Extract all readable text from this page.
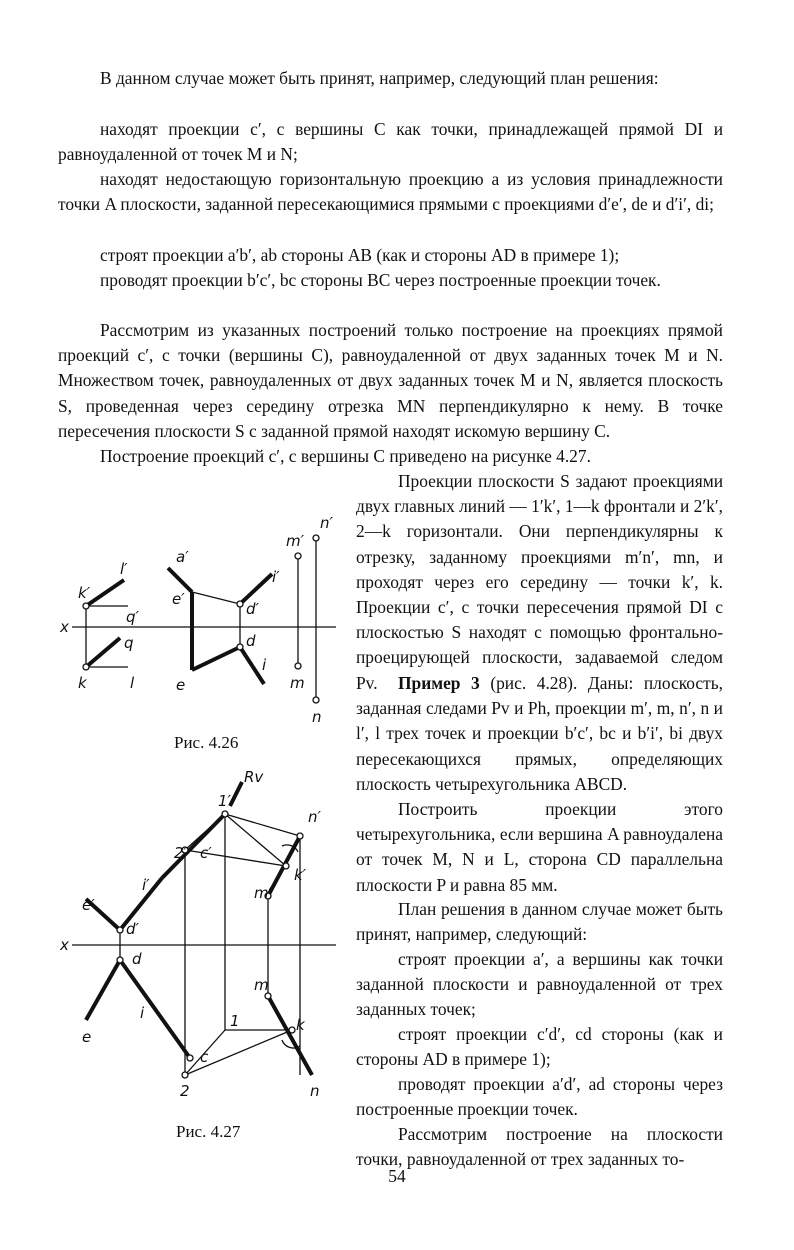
В данном случае может быть принят, например, следующий план решения:

находят проекции c′, c вершины C как точки, принадлежащей прямой DI и равноудаленной от точек M и N;

находят недостающую горизонтальную проекцию a из условия принадлежности точки A плоскости, заданной пересекающимися прямыми с проекциями d′e′, de и d′i′, di;

строят проекции a′b′, ab стороны AB (как и стороны AD в примере 1);

проводят проекции b′c′, bc стороны BC через построенные проекции точек.

Рассмотрим из указанных построений только построение на проекциях прямой проекций c′, c точки (вершины C), равноудаленной от двух заданных точек M и N. Множеством точек, равноудаленных от двух заданных точек M и N, является плоскость S, проведенная через середину отрезка MN перпендикулярно к нему. В точке пересечения плоскости S с заданной прямой находят искомую вершину C.

Построение проекций c′, c вершины C приведено на рисунке 4.27.

Проекции плоскости S задают проекциями двух главных линий — 1′k′, 1—k фронтали и 2′k′, 2—k горизонтали. Они перпендикулярны к отрезку, заданному проекциями m′n′, mn, и проходят через его середину — точки k′, k. Проекции c′, c точки пересечения прямой DI с плоскостью S находят с помощью фронтально-проецирующей плоскости, задаваемой следом Pv.	Пример 3 (рис. 4.28). Даны: плоскость, заданная следами Pv и Ph, проекции m′, m, n′, n и l′, l трех точек и проекции b′c′, bc и b′i′, bi двух пересекающихся прямых, определяющих плоскость четырехугольника ABCD.

Построить проекции этого четырехугольника, если вершина A равноудалена от точек M, N и L, сторона CD параллельна плоскости P и равна 85 мм.

План решения в данном случае может быть принят, например, следующий:

строят проекции a′, a вершины как точки заданной плоскости и равноудаленной от трех заданных точек;

строят проекции c′d′, cd стороны (как и стороны AD в примере 1);

проводят проекции a′d′, ad стороны через построенные проекции точек.

Рассмотрим построение на плоскости точки, равноудаленной от трех заданных то-

Рис. 4.26
Рис. 4.27
54
n′
m′
l′
a′
i′
k′	e′
d′
q′
x
q	d
i
k	l	e	m
n
1′
Rv
n′
2′ c′
k′
m′
i′
e′
d′
x
d
m
e
i	1	k
c
2	n
